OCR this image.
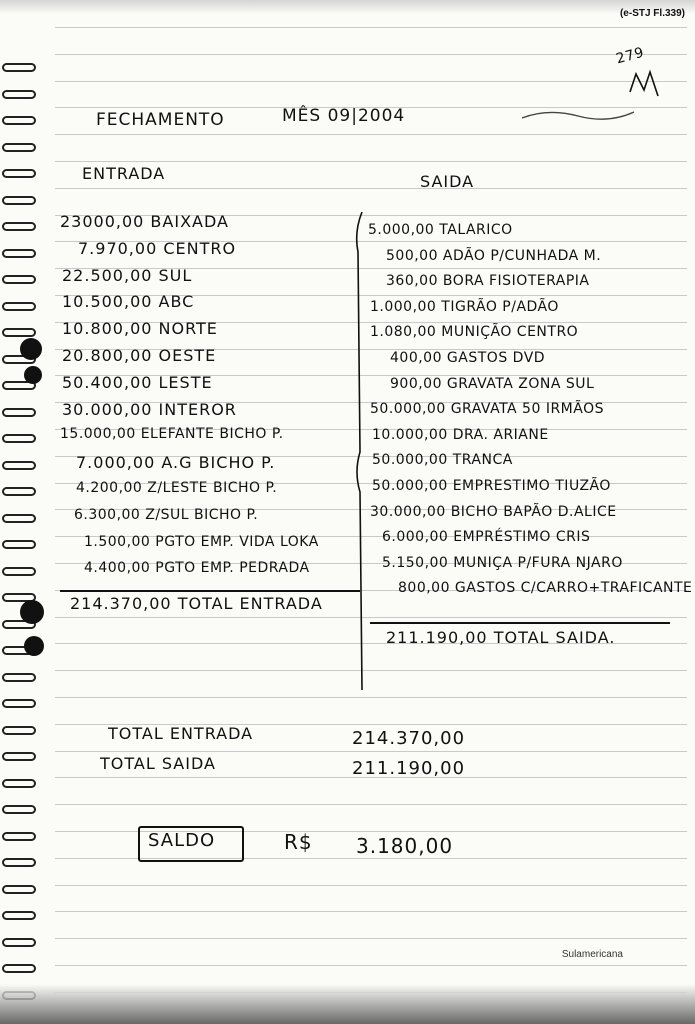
(e-STJ Fl.339)
279
FECHAMENTO	MÊS 09|2004
ENTRADA	SAIDA
23000,00 BAIXADA
7.970,00 CENTRO
22.500,00 SUL
10.500,00 ABC
10.800,00 NORTE
20.800,00 OESTE
50.400,00 LESTE
30.000,00 INTEROR
15.000,00 ELEFANTE BICHO P.
7.000,00 A.G BICHO P.
4.200,00 Z/LESTE BICHO P.
6.300,00 Z/SUL BICHO P.
1.500,00 PGTO EMP. VIDA LOKA
4.400,00 PGTO EMP. PEDRADA
5.000,00 TALARICO
500,00 ADÃO P/CUNHADA M.
360,00 BORA FISIOTERAPIA
1.000,00 TIGRÃO P/ADÃO
1.080,00 MUNIÇÃO CENTRO
400,00 GASTOS DVD
900,00 GRAVATA ZONA SUL
50.000,00 GRAVATA 50 IRMÃOS
10.000,00 DRA. ARIANE
50.000,00 TRANCA
50.000,00 EMPRESTIMO TIUZÃO
30.000,00 BICHO BAPÃO D.ALICE
6.000,00 EMPRÉSTIMO CRIS
5.150,00 MUNIÇA P/FURA NJARO
800,00 GASTOS C/CARRO+TRAFICANTE
214.370,00 TOTAL ENTRADA
211.190,00 TOTAL SAIDA.
TOTAL ENTRADA	214.370,00
TOTAL SAIDA	211.190,00
SALDO	R$ 3.180,00
Sulamericana
